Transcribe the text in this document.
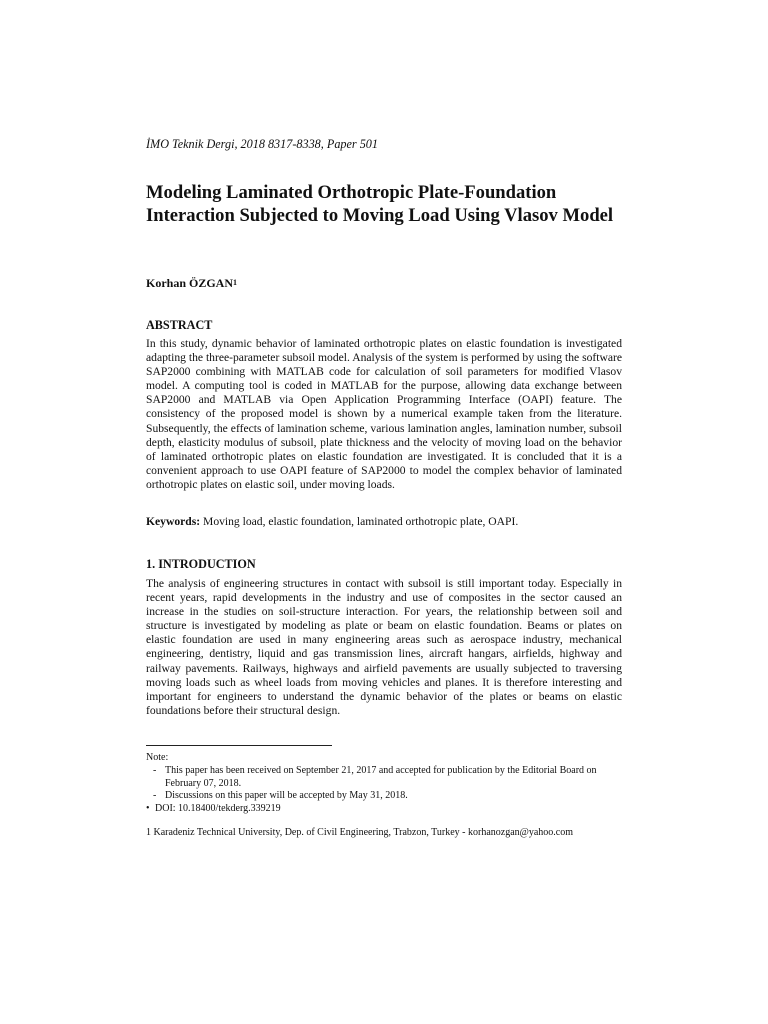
İMO Teknik Dergi, 2018 8317-8338, Paper 501
Modeling Laminated Orthotropic Plate-Foundation Interaction Subjected to Moving Load Using Vlasov Model
Korhan ÖZGAN$^1$
ABSTRACT

In this study, dynamic behavior of laminated orthotropic plates on elastic foundation is investigated adapting the three-parameter subsoil model. Analysis of the system is performed by using the software SAP2000 combining with MATLAB code for calculation of soil parameters for modified Vlasov model. A computing tool is coded in MATLAB for the purpose, allowing data exchange between SAP2000 and MATLAB via Open Application Programming Interface (OAPI) feature. The consistency of the proposed model is shown by a numerical example taken from the literature. Subsequently, the effects of lamination scheme, various lamination angles, lamination number, subsoil depth, elasticity modulus of subsoil, plate thickness and the velocity of moving load on the behavior of laminated orthotropic plates on elastic foundation are investigated. It is concluded that it is a convenient approach to use OAPI feature of SAP2000 to model the complex behavior of laminated orthotropic plates on elastic soil, under moving loads.

Keywords: Moving load, elastic foundation, laminated orthotropic plate, OAPI.

1. INTRODUCTION

The analysis of engineering structures in contact with subsoil is still important today. Especially in recent years, rapid developments in the industry and use of composites in the sector caused an increase in the studies on soil-structure interaction. For years, the relationship between soil and structure is investigated by modeling as plate or beam on elastic foundation. Beams or plates on elastic foundation are used in many engineering areas such as aerospace industry, mechanical engineering, dentistry, liquid and gas transmission lines, aircraft hangars, airfields, highway and railway pavements. Railways, highways and airfield pavements are usually subjected to traversing moving loads such as wheel loads from moving vehicles and planes. It is therefore interesting and important for engineers to understand the dynamic behavior of the plates or beams on elastic foundations before their structural design.

Note:
- This paper has been received on September 21, 2017 and accepted for publication by the Editorial Board on February 07, 2018.
- Discussions on this paper will be accepted by May 31, 2018.
• DOI: 10.18400/tekderg.339219
1 Karadeniz Technical University, Dep. of Civil Engineering, Trabzon, Turkey - korhanozgan@yahoo.com
